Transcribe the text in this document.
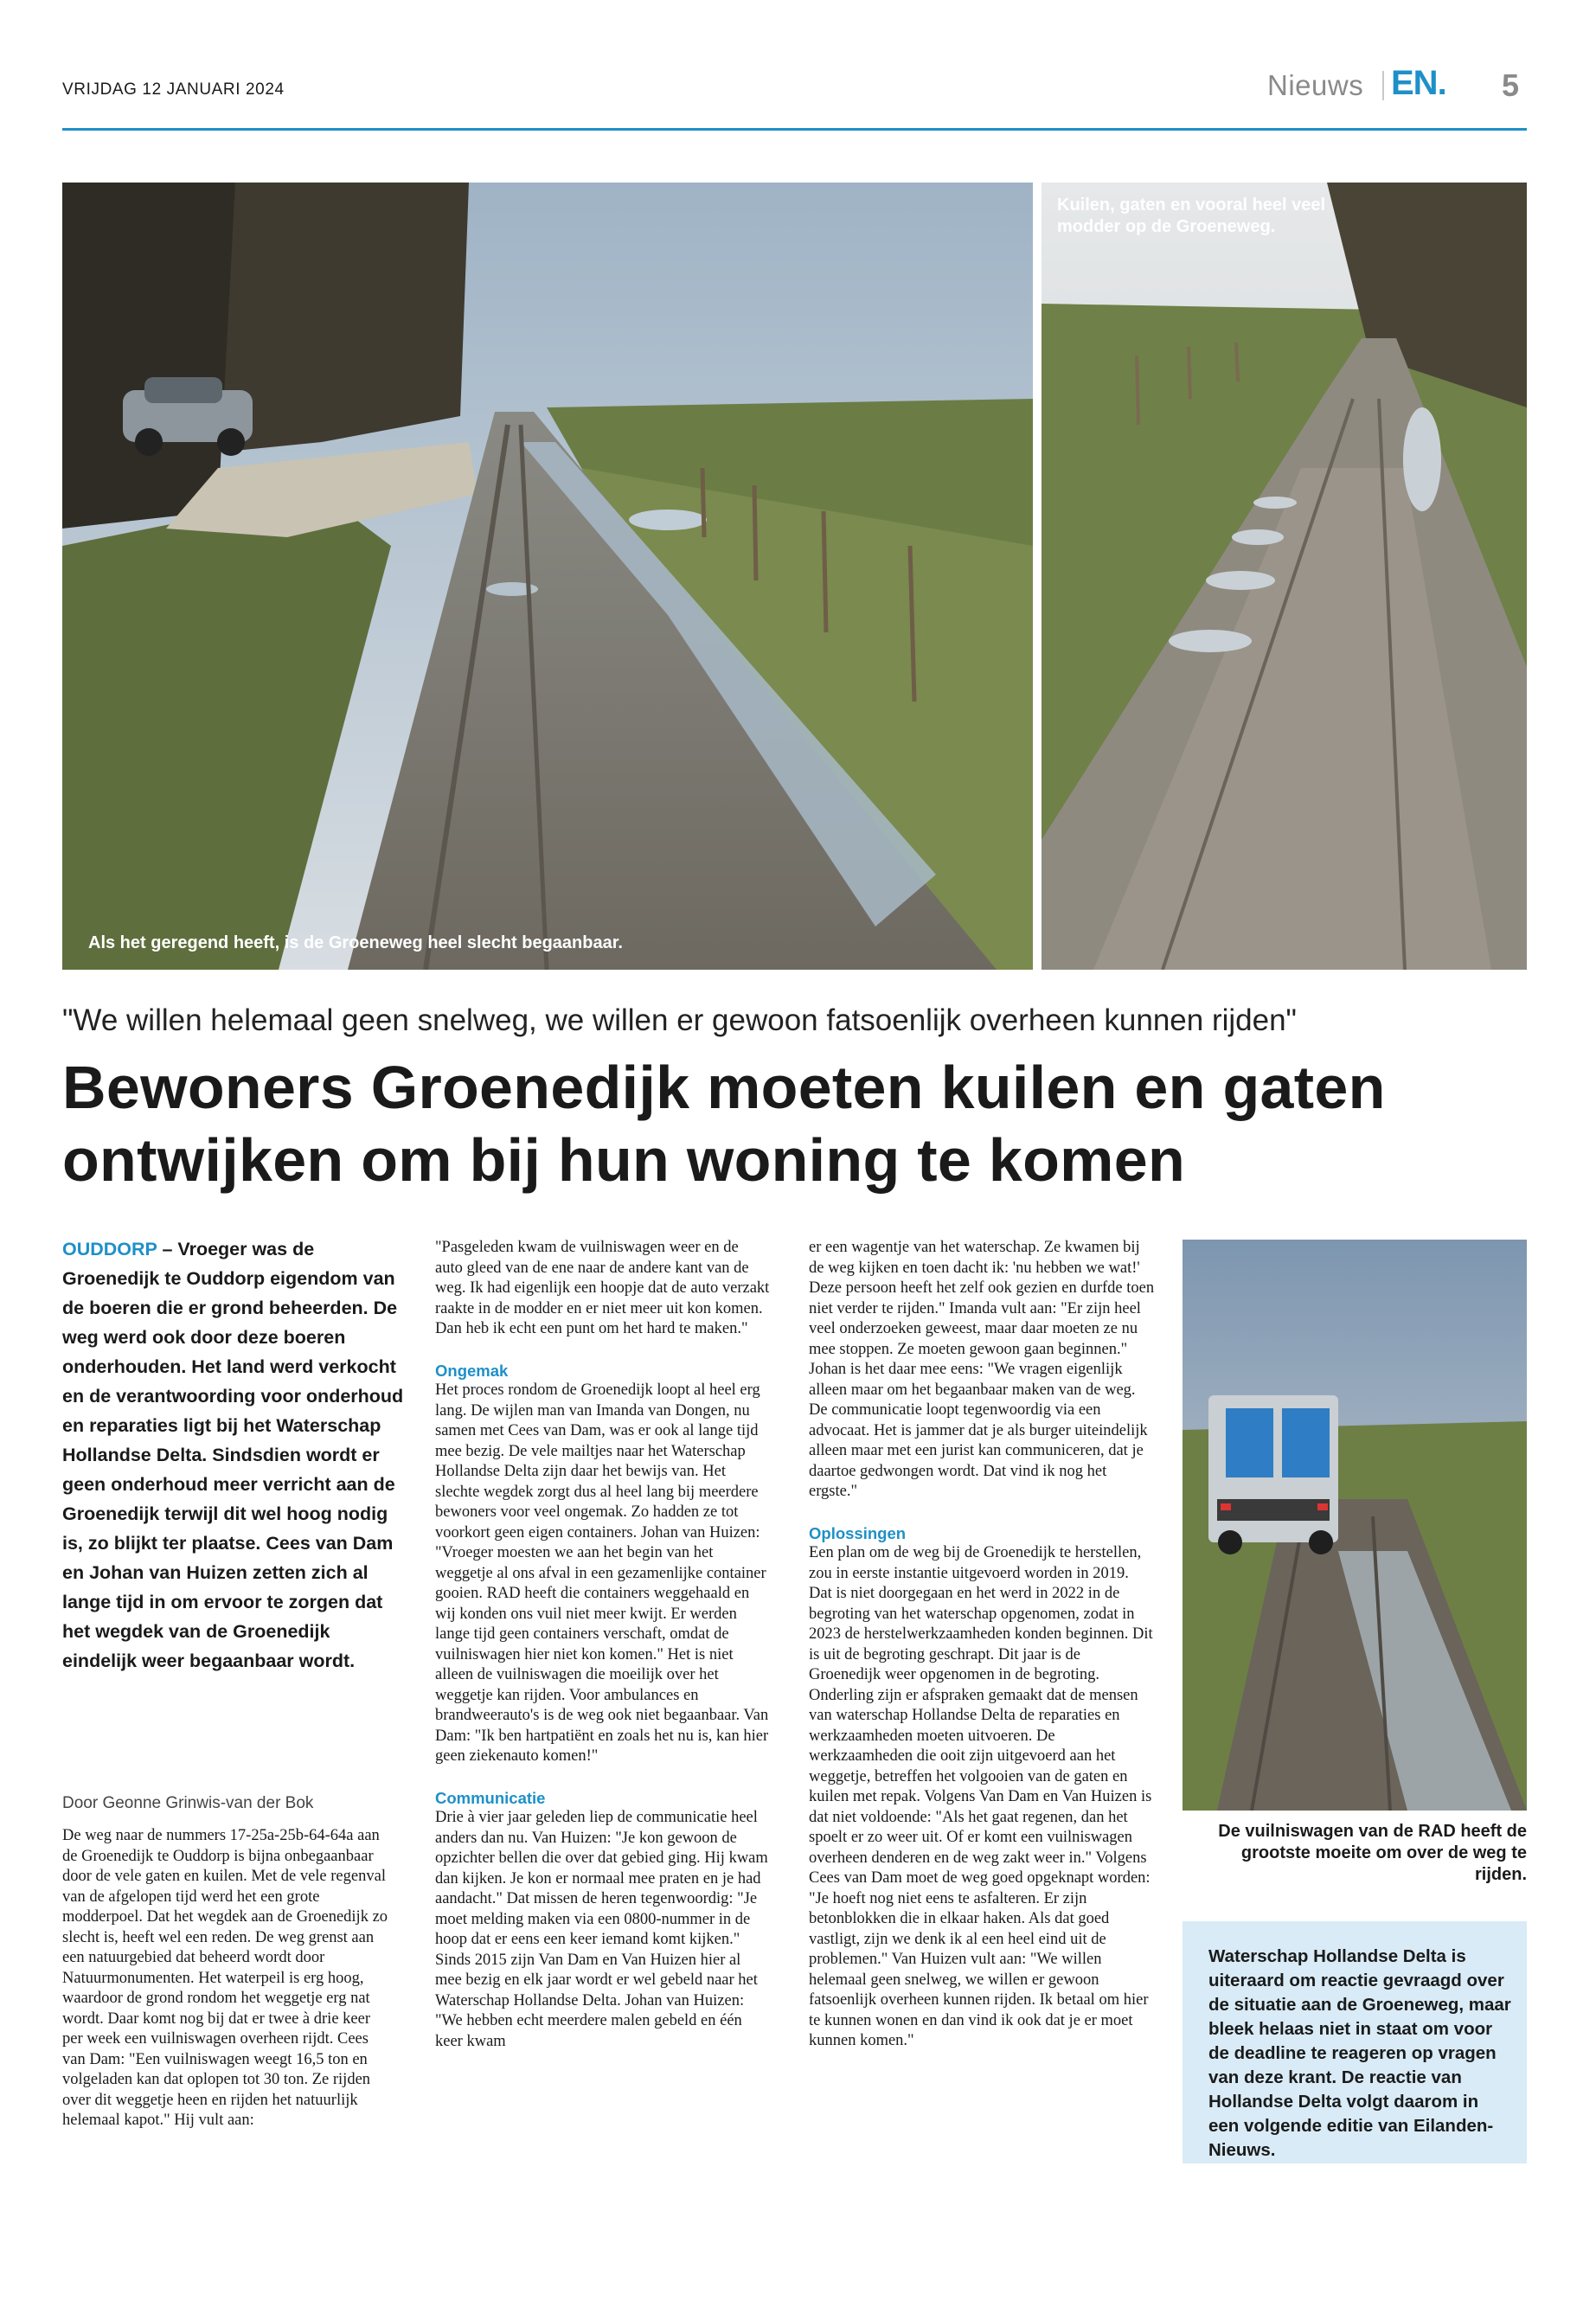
VRIJDAG 12 JANUARI 2024	Nieuws EN. 5
Als het geregend heeft, is de Groeneweg heel slecht begaanbaar.
Kuilen, gaten en vooral heel veel modder op de Groeneweg.
"We willen helemaal geen snelweg, we willen er gewoon fatsoenlijk overheen kunnen rijden"
Bewoners Groenedijk moeten kuilen en gaten ontwijken om bij hun woning te komen
OUDDORP – Vroeger was de Groenedijk te Ouddorp eigendom van de boeren die er grond beheerden. De weg werd ook door deze boeren onderhouden. Het land werd verkocht en de verantwoording voor onderhoud en reparaties ligt bij het Waterschap Hollandse Delta. Sindsdien wordt er geen onderhoud meer verricht aan de Groenedijk terwijl dit wel hoog nodig is, zo blijkt ter plaatse. Cees van Dam en Johan van Huizen zetten zich al lange tijd in om ervoor te zorgen dat het wegdek van de Groenedijk eindelijk weer begaanbaar wordt.
Door Geonne Grinwis-van der Bok

De weg naar de nummers 17-25a-25b-64-64a aan de Groenedijk te Ouddorp is bijna onbegaanbaar door de vele gaten en kuilen. Met de vele regenval van de afgelopen tijd werd het een grote modderpoel. Dat het wegdek aan de Groenedijk zo slecht is, heeft wel een reden. De weg grenst aan een natuurgebied dat beheerd wordt door Natuurmonumenten. Het waterpeil is erg hoog, waardoor de grond rondom het weggetje erg nat wordt. Daar komt nog bij dat er twee à drie keer per week een vuilniswagen overheen rijdt. Cees van Dam: "Een vuilniswagen weegt 16,5 ton en volgeladen kan dat oplopen tot 30 ton. Ze rijden over dit weggetje heen en rijden het natuurlijk helemaal kapot." Hij vult aan:

"Pasgeleden kwam de vuilniswagen weer en de auto gleed van de ene naar de andere kant van de weg. Ik had eigenlijk een hoopje dat de auto verzakt raakte in de modder en er niet meer uit kon komen. Dan heb ik echt een punt om het hard te maken."

Ongemak

Het proces rondom de Groenedijk loopt al heel erg lang. De wijlen man van Imanda van Dongen, nu samen met Cees van Dam, was er ook al lange tijd mee bezig. De vele mailtjes naar het Waterschap Hollandse Delta zijn daar het bewijs van. Het slechte wegdek zorgt dus al heel lang bij meerdere bewoners voor veel ongemak. Zo hadden ze tot voorkort geen eigen containers. Johan van Huizen: "Vroeger moesten we aan het begin van het weggetje al ons afval in een gezamenlijke container gooien. RAD heeft die containers weggehaald en wij konden ons vuil niet meer kwijt. Er werden lange tijd geen containers verschaft, omdat de vuilniswagen hier niet kon komen." Het is niet alleen de vuilniswagen die moeilijk over het weggetje kan rijden. Voor ambulances en brandweerauto's is de weg ook niet begaanbaar. Van Dam: "Ik ben hartpatiënt en zoals het nu is, kan hier geen ziekenauto komen!"

Communicatie

Drie à vier jaar geleden liep de communicatie heel anders dan nu. Van Huizen: "Je kon gewoon de opzichter bellen die over dat gebied ging. Hij kwam dan kijken. Je kon er normaal mee praten en je had aandacht." Dat missen de heren tegenwoordig: "Je moet melding maken via een 0800-nummer in de hoop dat er eens een keer iemand komt kijken." Sinds 2015 zijn Van Dam en Van Huizen hier al mee bezig en elk jaar wordt er wel gebeld naar het Waterschap Hollandse Delta. Johan van Huizen: "We hebben echt meerdere malen gebeld en één keer kwam

er een wagentje van het waterschap. Ze kwamen bij de weg kijken en toen dacht ik: 'nu hebben we wat!' Deze persoon heeft het zelf ook gezien en durfde toen niet verder te rijden." Imanda vult aan: "Er zijn heel veel onderzoeken geweest, maar daar moeten ze nu mee stoppen. Ze moeten gewoon gaan beginnen." Johan is het daar mee eens: "We vragen eigenlijk alleen maar om het begaanbaar maken van de weg. De communicatie loopt tegenwoordig via een advocaat. Het is jammer dat je als burger uiteindelijk alleen maar met een jurist kan communiceren, dat je daartoe gedwongen wordt. Dat vind ik nog het ergste."

Oplossingen

Een plan om de weg bij de Groenedijk te herstellen, zou in eerste instantie uitgevoerd worden in 2019. Dat is niet doorgegaan en het werd in 2022 in de begroting van het waterschap opgenomen, zodat in 2023 de herstelwerkzaamheden konden beginnen. Dit is uit de begroting geschrapt. Dit jaar is de Groenedijk weer opgenomen in de begroting. Onderling zijn er afspraken gemaakt dat de mensen van waterschap Hollandse Delta de reparaties en werkzaamheden moeten uitvoeren. De werkzaamheden die ooit zijn uitgevoerd aan het weggetje, betreffen het volgooien van de gaten en kuilen met repak. Volgens Van Dam en Van Huizen is dat niet voldoende: "Als het gaat regenen, dan het spoelt er zo weer uit. Of er komt een vuilniswagen overheen denderen en de weg zakt weer in." Volgens Cees van Dam moet de weg goed opgeknapt worden: "Je hoeft nog niet eens te asfalteren. Er zijn betonblokken die in elkaar haken. Als dat goed vastligt, zijn we denk ik al een heel eind uit de problemen." Van Huizen vult aan: "We willen helemaal geen snelweg, we willen er gewoon fatsoenlijk overheen kunnen rijden. Ik betaal om hier te kunnen wonen en dan vind ik ook dat je er moet kunnen komen."

De vuilniswagen van de RAD heeft de grootste moeite om over de weg te rijden.
Waterschap Hollandse Delta is uiteraard om reactie gevraagd over de situatie aan de Groeneweg, maar bleek helaas niet in staat om voor de deadline te reageren op vragen van deze krant. De reactie van Hollandse Delta volgt daarom in een volgende editie van Eilanden-Nieuws.
